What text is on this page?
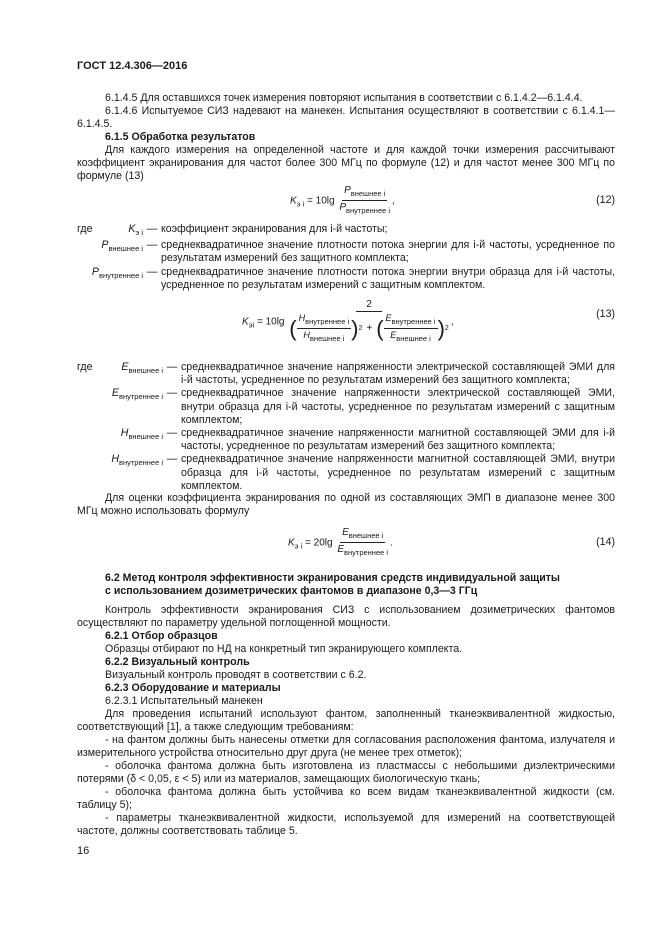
ГОСТ 12.4.306—2016

6.1.4.5 Для оставшихся точек измерения повторяют испытания в соответствии с 6.1.4.2—6.1.4.4.

6.1.4.6 Испытуемое СИЗ надевают на манекен. Испытания осуществляют в соответствии с 6.1.4.1—6.1.4.5.

6.1.5 Обработка результатов

Для каждого измерения на определенной частоте и для каждой точки измерения рассчитывают коэффициент экранирования для частот более 300 МГц по формуле (12) и для частот менее 300 МГц по формуле (13)

$K_{э i} = 10\lg \frac{P_{внешнее i}}{P_{внутреннее i}}$ ,	(12)
где	$K_{э i}$ — коэффициент экранирования для i-й частоты;
$P_{внешнее i}$ — среднеквадратичное значение плотности потока энергии для i-й частоты, усредненное по результатам измерений без защитного комплекта;
$P_{внутреннее i}$ — среднеквадратичное значение плотности потока энергии внутри образца для i-й частоты, усредненное по результатам измерений с защитным комплектом.
$K_{эi} = 10\lg$
2
( $\frac{H_{внутреннее i}}{H_{внешнее i}}$ ) 2 + ( $\frac{E_{внутреннее i}}{E_{внешнее i}}$ ) 2
,
(13)
где	$E_{внешнее i}$ — среднеквадратичное значение напряженности электрической составляющей ЭМИ для i-й частоты, усредненное по результатам измерений без защитного комплекта;
$E_{внутреннее i}$ — среднеквадратичное значение напряженности электрической составляющей ЭМИ, внутри образца для i-й частоты, усредненное по результатам измерений с защитным комплектом;
$H_{внешнее i}$ — среднеквадратичное значение напряженности магнитной составляющей ЭМИ для i-й частоты, усредненное по результатам измерений без защитного комплекта;
$H_{внутреннее i}$ — среднеквадратичное значение напряженности магнитной составляющей ЭМИ, внутри образца для i-й частоты, усредненное по результатам измерений с защитным комплектом.

Для оценки коэффициента экранирования по одной из составляющих ЭМП в диапазоне менее 300 МГц можно использовать формулу

$K_{э i} = 20\lg \frac{E_{внешнее i}}{E_{внутреннее i}}$ .	(14)

6.2 Метод контроля эффективности экранирования средств индивидуальной защиты

с использованием дозиметрических фантомов в диапазоне 0,3—3 ГГц

Контроль эффективности экранирования СИЗ с использованием дозиметрических фантомов осуществляют по параметру удельной поглощенной мощности.

6.2.1 Отбор образцов

Образцы отбирают по НД на конкретный тип экранирующего комплекта.

6.2.2 Визуальный контроль

Визуальный контроль проводят в соответствии с 6.2.

6.2.3 Оборудование и материалы

6.2.3.1 Испытательный манекен

Для проведения испытаний используют фантом, заполненный тканеэквивалентной жидкостью, соответствующий [1], а также следующим требованиям:

- на фантом должны быть нанесены отметки для согласования расположения фантома, излучателя и измерительного устройства относительно друг друга (не менее трех отметок);

- оболочка фантома должна быть изготовлена из пластмассы с небольшими диэлектрическими потерями (δ < 0,05, ε < 5) или из материалов, замещающих биологическую ткань;

- оболочка фантома должна быть устойчива ко всем видам тканеэквивалентной жидкости (см. таблицу 5);

- параметры тканеэквивалентной жидкости, используемой для измерений на соответствующей частоте, должны соответствовать таблице 5.

16
